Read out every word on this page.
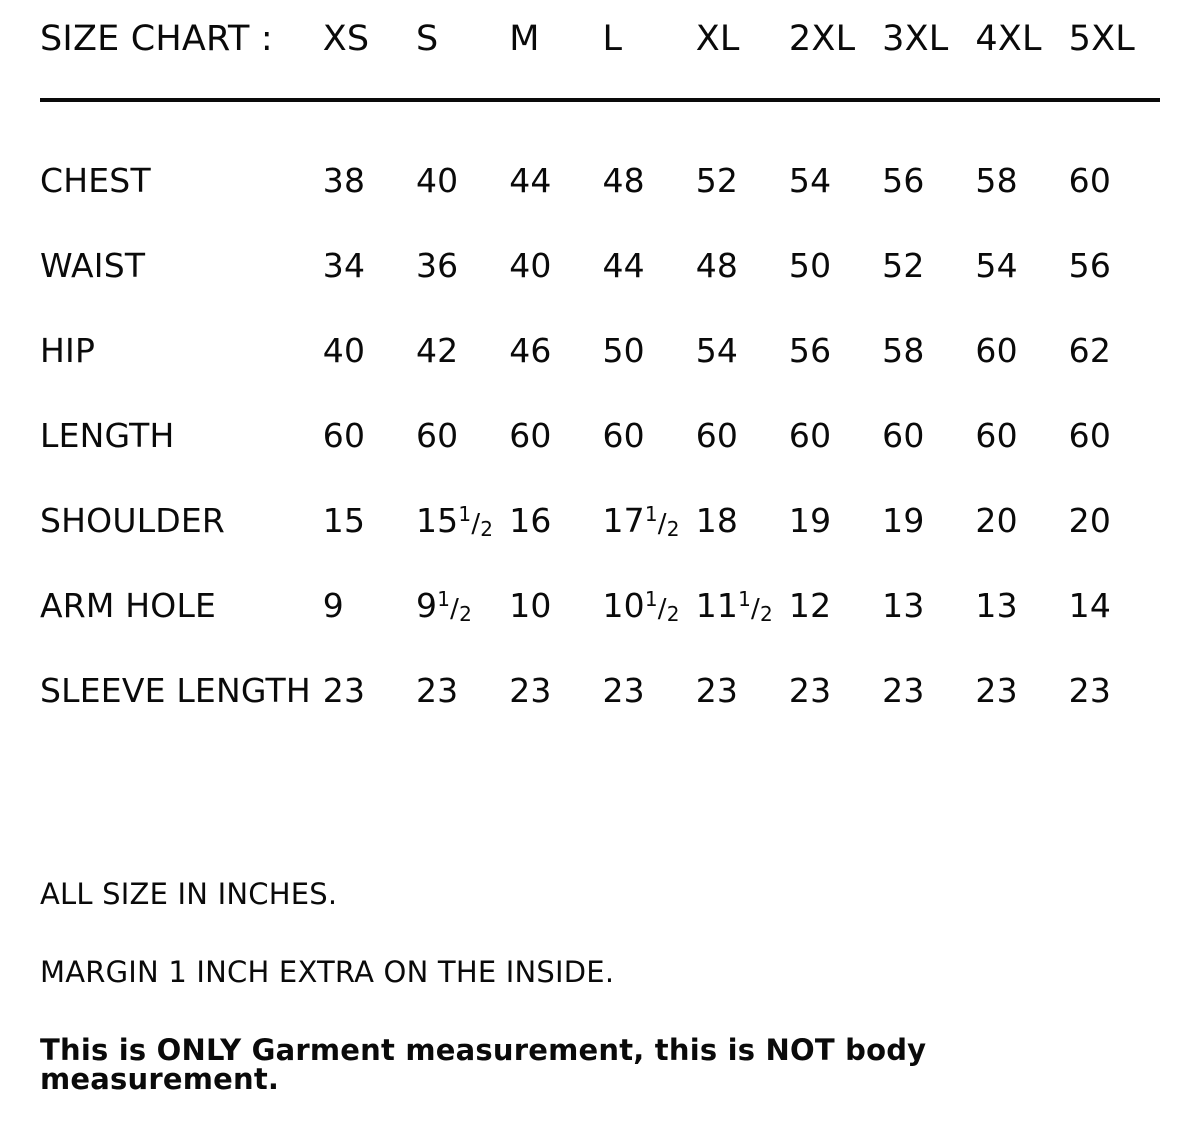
SIZE CHART :	XS	S	M	L	XL	2XL	3XL	4XL	5XL

CHEST	38	40	44	48	52	54	56	58	60
WAIST	34	36	40	44	48	50	52	54	56
HIP	40	42	46	50	54	56	58	60	62
LENGTH	60	60	60	60	60	60	60	60	60
SHOULDER	15	$15^1/2$	16	$17^1/2$	18	19	19	20	20
ARM HOLE	9	$9^1/2$	10	$10^1/2$	$11^1/2$	12	13	13	14
SLEEVE LENGTH	23	23	23	23	23	23	23	23	23
ALL SIZE IN INCHES.
MARGIN 1 INCH EXTRA ON THE INSIDE.
This is ONLY Garment measurement, this is NOT body measurement.
